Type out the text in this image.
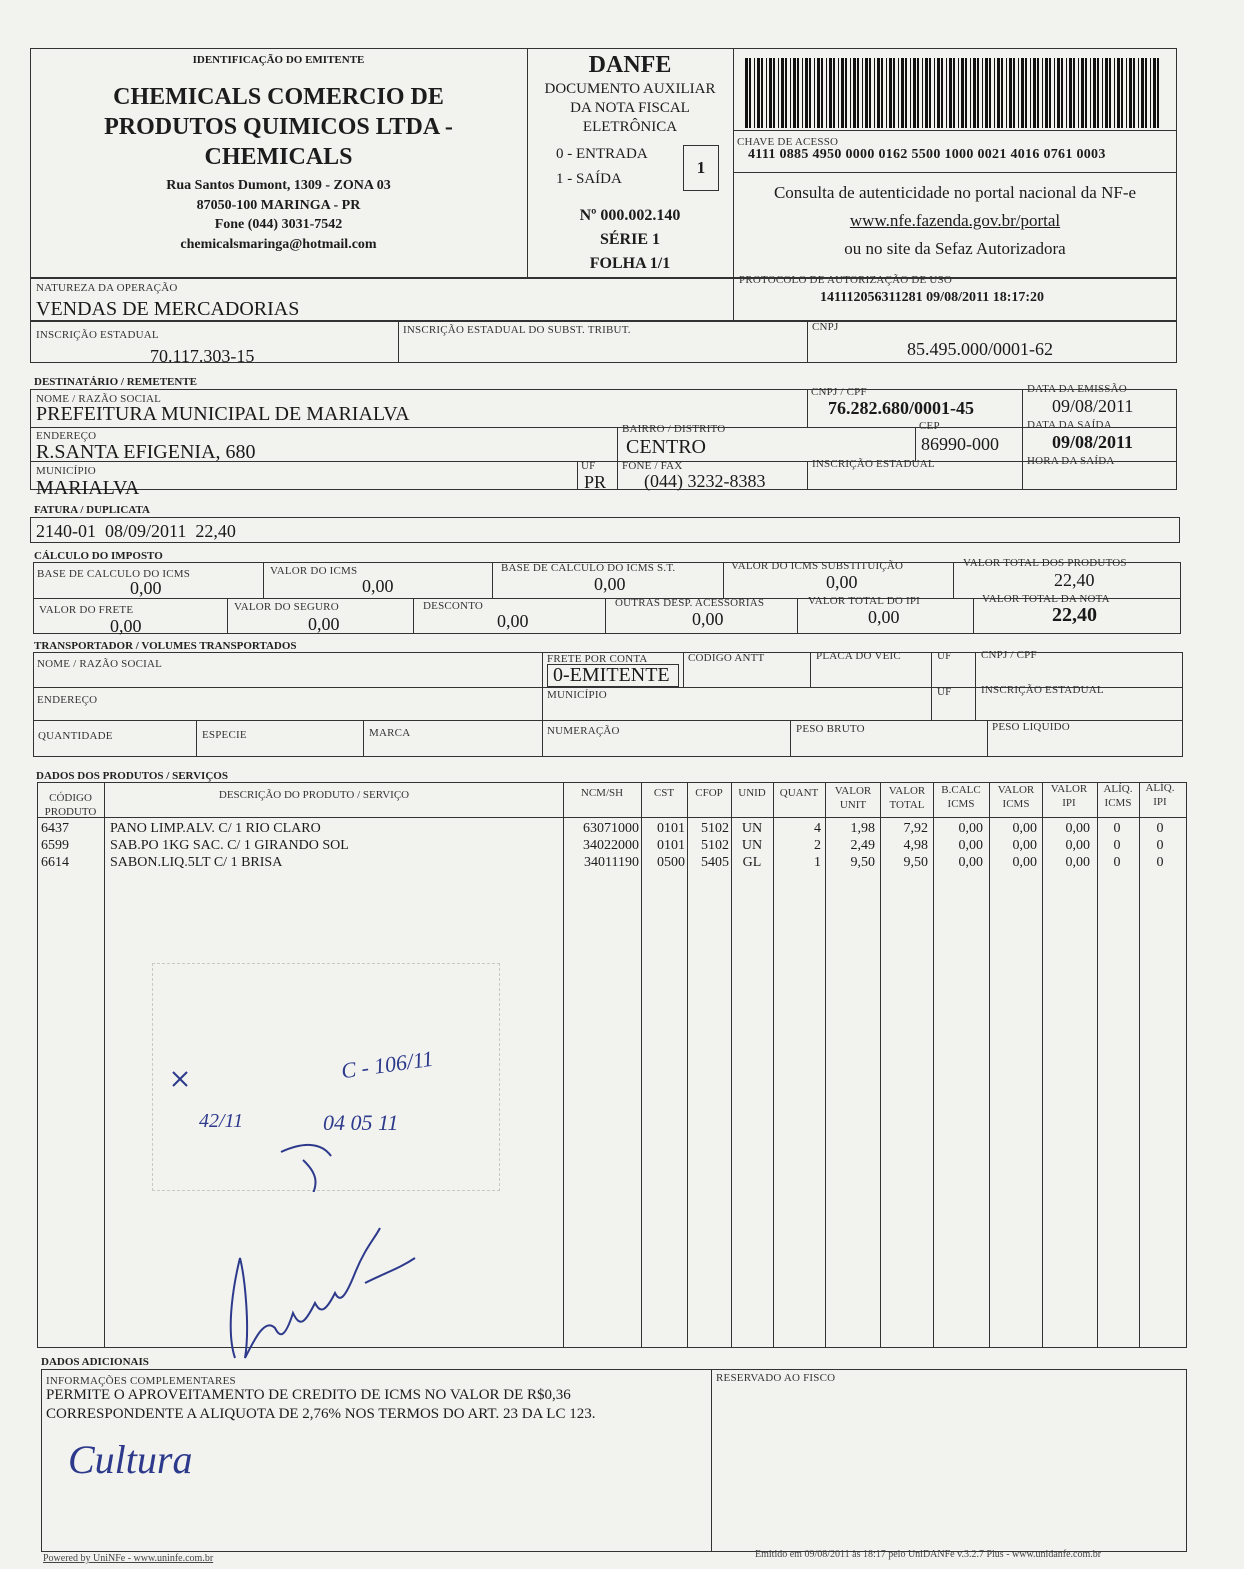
IDENTIFICAÇÃO DO EMITENTE
CHEMICALS COMERCIO DE
PRODUTOS QUIMICOS LTDA -
CHEMICALS
Rua Santos Dumont, 1309 - ZONA 03
87050-100 MARINGA - PR
Fone (044) 3031-7542
chemicalsmaringa@hotmail.com
DANFE
DOCUMENTO AUXILIAR
DA NOTA FISCAL
ELETRÔNICA
0 - ENTRADA
1 - SAÍDA
1
Nº 000.002.140
SÉRIE 1
FOLHA 1/1
CHAVE DE ACESSO
4111 0885 4950 0000 0162 5500 1000 0021 4016 0761 0003
Consulta de autenticidade no portal nacional da NF-e
www.nfe.fazenda.gov.br/portal
ou no site da Sefaz Autorizadora
NATUREZA DA OPERAÇÃO
VENDAS DE MERCADORIAS
PROTOCOLO DE AUTORIZAÇÃO DE USO
141112056311281 09/08/2011 18:17:20
INSCRIÇÃO ESTADUAL
70.117.303-15
INSCRIÇÃO ESTADUAL DO SUBST. TRIBUT.	CNPJ
85.495.000/0001-62
DESTINATÁRIO / REMETENTE
NOME / RAZÃO SOCIAL
PREFEITURA MUNICIPAL DE MARIALVA
CNPJ / CPF
76.282.680/0001-45
DATA DA EMISSÃO
09/08/2011
ENDEREÇO
R.SANTA EFIGENIA, 680
BAIRRO / DISTRITO
CENTRO
CEP
86990-000
DATA DA SAÍDA
09/08/2011
MUNICÍPIO
MARIALVA
UF
PR
FONE / FAX
(044) 3232-8383
INSCRIÇÃO ESTADUAL	HORA DA SAÍDA
FATURA / DUPLICATA
2140-01  08/09/2011  22,40
CÁLCULO DO IMPOSTO
BASE DE CALCULO DO ICMS
0,00
VALOR DO ICMS
0,00
BASE DE CALCULO DO ICMS S.T.
0,00
VALOR DO ICMS SUBSTITUIÇÃO
0,00
VALOR TOTAL DOS PRODUTOS
22,40
VALOR DO FRETE
0,00
VALOR DO SEGURO
0,00
DESCONTO
0,00
OUTRAS DESP. ACESSORIAS
0,00
VALOR TOTAL DO IPI
0,00
VALOR TOTAL DA NOTA
22,40
TRANSPORTADOR / VOLUMES TRANSPORTADOS
NOME / RAZÃO SOCIAL	FRETE POR CONTA
0-EMITENTE
CODIGO ANTT	PLACA DO VEIC	UF	CNPJ / CPF
ENDEREÇO	MUNICÍPIO	UF	INSCRIÇÃO ESTADUAL
QUANTIDADE	ESPECIE	MARCA	NUMERAÇÃO	PESO BRUTO	PESO LIQUIDO
DADOS DOS PRODUTOS / SERVIÇOS
CÓDIGO PRODUTO
DESCRIÇÃO DO PRODUTO / SERVIÇO	NCM/SH	CST	CFOP	UNID	QUANT	VALOR UNIT
VALOR TOTAL
B.CALC ICMS
VALOR ICMS
VALOR IPI
ALÍQ. ICMS
ALÍQ. IPI
6437	PANO LIMP.ALV. C/ 1 RIO CLARO	63071000	0101	5102 UN	4	1,98	7,92	0,00	0,00	0,00	0	0
6599	SAB.PO 1KG SAC. C/ 1 GIRANDO SOL	34022000	0101	5102 UN	2	2,49	4,98	0,00	0,00	0,00	0	0
6614	SABON.LIQ.5LT C/ 1 BRISA	34011190	0500	5405 GL	1	9,50	9,50	0,00	0,00	0,00	0	0
C - 106/11
42/11	04 05 11
DADOS ADICIONAIS
INFORMAÇÕES COMPLEMENTARES
PERMITE O APROVEITAMENTO DE CREDITO DE ICMS NO VALOR DE R$0,36
CORRESPONDENTE A ALIQUOTA DE 2,76% NOS TERMOS DO ART. 23 DA LC 123.
RESERVADO AO FISCO
Cultura
Powered by UniNFe - www.uninfe.com.br	Emitido em 09/08/2011 às 18:17 pelo UniDANFe v.3.2.7 Plus - www.unidanfe.com.br
